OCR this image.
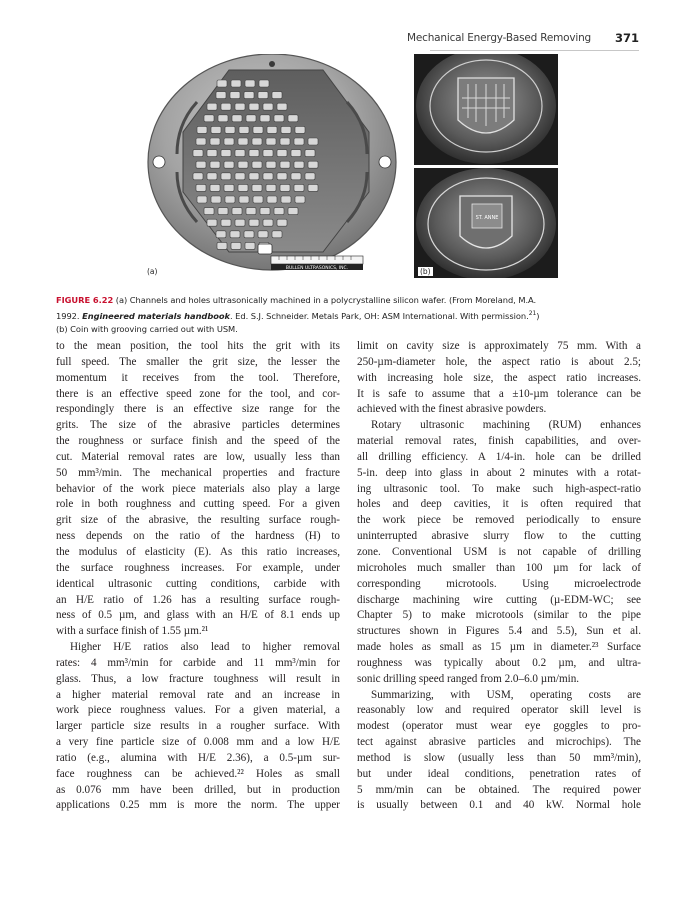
Mechanical Energy-Based Removing 371
BULLEN ULTRASONICS, INC.
(a)
ST. ANNE
(b)
FIGURE 6.22 (a) Channels and holes ultrasonically machined in a polycrystalline silicon wafer. (From Moreland, M.A.
1992. Engineered materials handbook. Ed. S.J. Schneider. Metals Park, OH: ASM International. With permission.$^{21}$)
(b) Coin with grooving carried out with USM.
to the mean position, the tool hits the grit with its
full speed. The smaller the grit size, the lesser the
momentum it receives from the tool. Therefore,
there is an effective speed zone for the tool, and cor-
respondingly there is an effective size range for the
grits. The size of the abrasive particles determines
the roughness or surface finish and the speed of the
cut. Material removal rates are low, usually less than
50 mm³/min. The mechanical properties and fracture
behavior of the work piece materials also play a large
role in both roughness and cutting speed. For a given
grit size of the abrasive, the resulting surface rough-
ness depends on the ratio of the hardness (H) to
the modulus of elasticity (E). As this ratio increases,
the surface roughness increases. For example, under
identical ultrasonic cutting conditions, carbide with
an H/E ratio of 1.26 has a resulting surface rough-
ness of 0.5 µm, and glass with an H/E of 8.1 ends up
with a surface finish of 1.55 µm.²¹
Higher H/E ratios also lead to higher removal
rates: 4 mm³/min for carbide and 11 mm³/min for
glass. Thus, a low fracture toughness will result in
a higher material removal rate and an increase in
work piece roughness values. For a given material, a
larger particle size results in a rougher surface. With
a very fine particle size of 0.008 mm and a low H/E
ratio (e.g., alumina with H/E 2.36), a 0.5-µm sur-
face roughness can be achieved.²² Holes as small
as 0.076 mm have been drilled, but in production
applications 0.25 mm is more the norm. The upper
limit on cavity size is approximately 75 mm. With a
250-µm-diameter hole, the aspect ratio is about 2.5;
with increasing hole size, the aspect ratio increases.
It is safe to assume that a ±10-µm tolerance can be
achieved with the finest abrasive powders.
Rotary ultrasonic machining (RUM) enhances
material removal rates, finish capabilities, and over-
all drilling efficiency. A 1/4-in. hole can be drilled
5-in. deep into glass in about 2 minutes with a rotat-
ing ultrasonic tool. To make such high-aspect-ratio
holes and deep cavities, it is often required that
the work piece be removed periodically to ensure
uninterrupted abrasive slurry flow to the cutting
zone. Conventional USM is not capable of drilling
microholes much smaller than 100 µm for lack of
corresponding microtools. Using microelectrode
discharge machining wire cutting (µ-EDM-WC; see
Chapter 5) to make microtools (similar to the pipe
structures shown in Figures 5.4 and 5.5), Sun et al.
made holes as small as 15 µm in diameter.²³ Surface
roughness was typically about 0.2 µm, and ultra-
sonic drilling speed ranged from 2.0–6.0 µm/min.
Summarizing, with USM, operating costs are
reasonably low and required operator skill level is
modest (operator must wear eye goggles to pro-
tect against abrasive particles and microchips). The
method is slow (usually less than 50 mm³/min),
but under ideal conditions, penetration rates of
5 mm/min can be obtained. The required power
is usually between 0.1 and 40 kW. Normal hole
